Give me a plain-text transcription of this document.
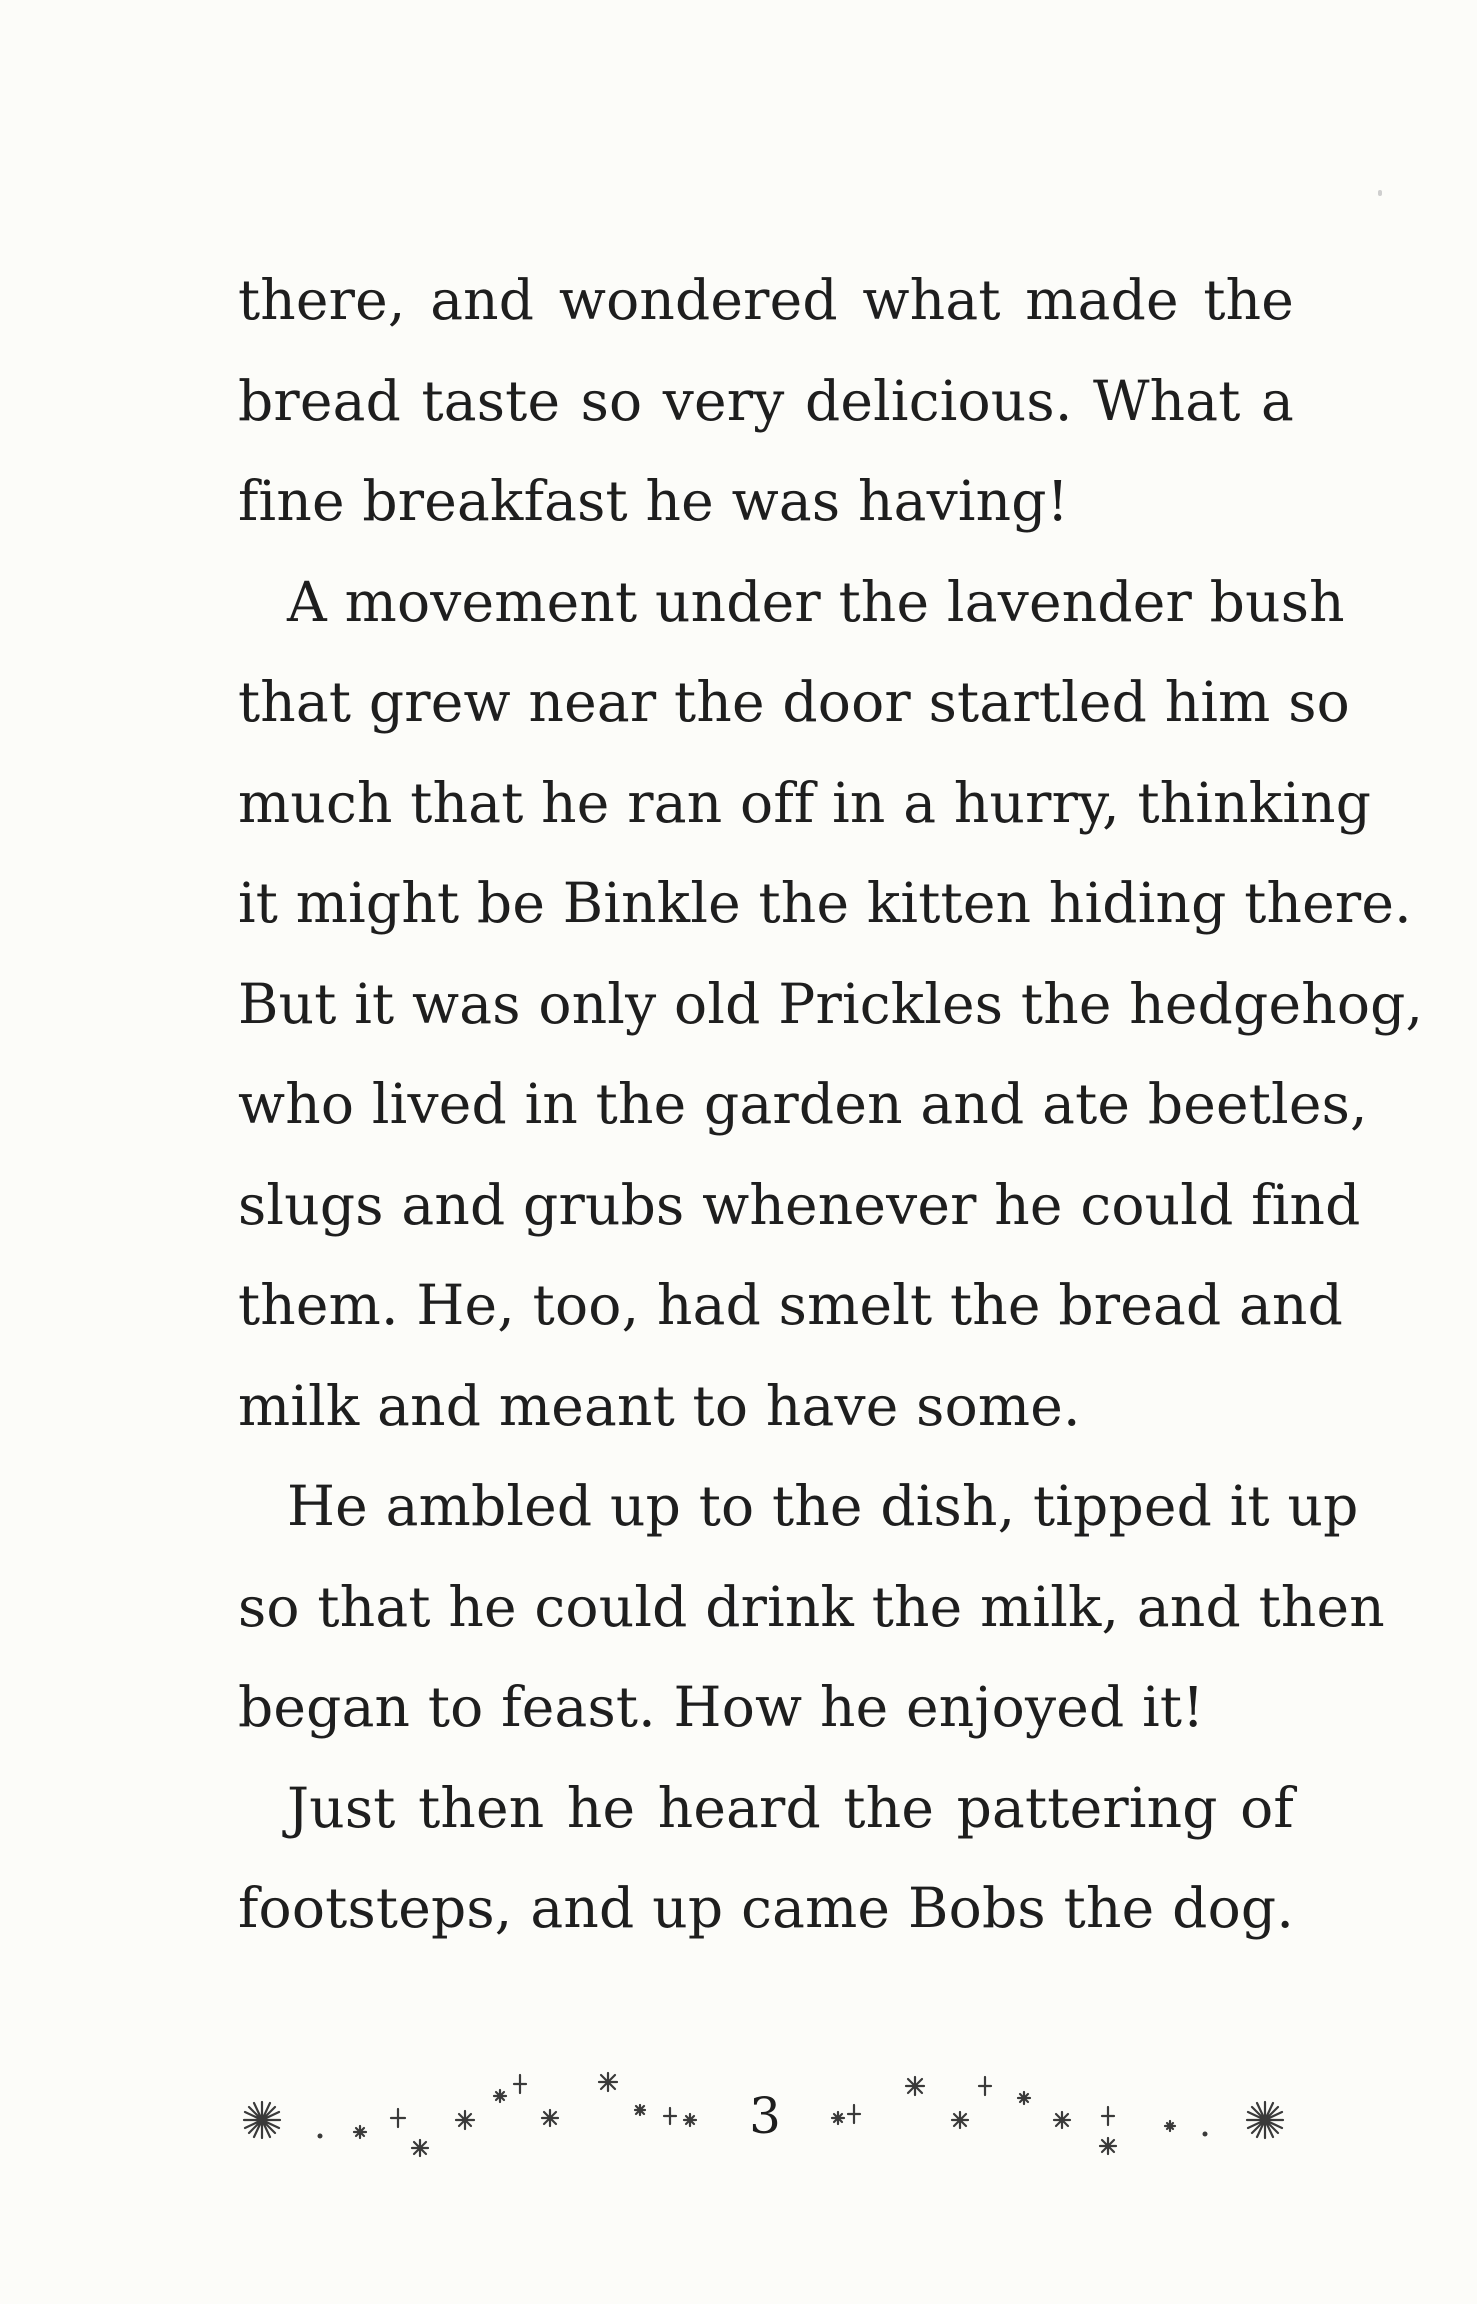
there, and wondered what made the
bread taste so very delicious. What a
fine breakfast he was having!
A movement under the lavender bush
that grew near the door startled him so
much that he ran off in a hurry, thinking
it might be Binkle the kitten hiding there.
But it was only old Prickles the hedgehog,
who lived in the garden and ate beetles,
slugs and grubs whenever he could find
them. He, too, had smelt the bread and
milk and meant to have some.
He ambled up to the dish, tipped it up
so that he could drink the milk, and then
began to feast. How he enjoyed it!
Just then he heard the pattering of
footsteps, and up came Bobs the dog.
3
